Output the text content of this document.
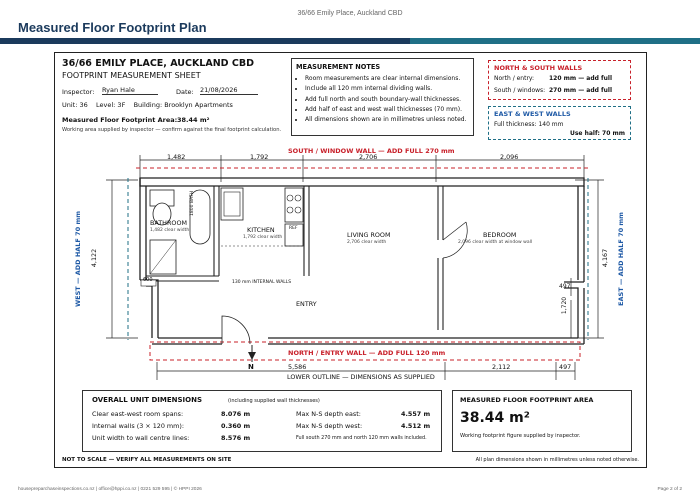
36/66 Emily Place, Auckland CBD
Measured Floor Footprint Plan
36/66 EMILY PLACE, AUCKLAND CBD
FOOTPRINT MEASUREMENT SHEET
Inspector: Ryan Hale	Date: 21/08/2026
Unit: 36    Level: 3F    Building: Brooklyn Apartments
Measured Floor Footprint Area: 38.44 m²
Working area supplied by inspector — confirm against the final footprint calculation.
MEASUREMENT NOTES
• Room measurements are clear internal dimensions.
• Include all 120 mm internal dividing walls.
• Add full north and south boundary-wall thicknesses.
• Add half of east and west wall thicknesses (70 mm).
• All dimensions shown are in millimetres unless noted.
NORTH & SOUTH WALLS
North / entry: 120 mm — add full
South / windows: 270 mm — add full
EAST & WEST WALLS
Full thickness: 140 mm
Use half: 70 mm
SOUTH / WINDOW WALL — ADD FULL 270 mm
NORTH / ENTRY WALL — ADD FULL 120 mm
WEST — ADD HALF 70 mm	EAST — ADD HALF 70 mm
1,482	1,792	2,706	2,096
4,122	4,167
497
1,720
600
5,586	2,112	497
LOWER OUTLINE — DIMENSIONS AS SUPPLIED
N
BATHROOM
1,482 clear width
1800 BATH
KITCHEN
1,792 clear width
REF
LIVING ROOM
2,706 clear width
BEDROOM
2,096 clear width at window wall
ENTRY
130 mm INTERNAL WALLS
OVERALL UNIT DIMENSIONS	(including supplied wall thicknesses)
Clear east-west room spans:	8.076 m
Internal walls (3 × 120 mm):	0.360 m
Unit width to wall centre lines:	8.576 m
Max N-S depth east:	4.557 m
Max N-S depth west:	4.512 m
Full south 270 mm and north 120 mm walls included.
MEASURED FLOOR FOOTPRINT AREA
38.44 m²
Working footprint figure supplied by inspector.
NOT TO SCALE — VERIFY ALL MEASUREMENTS ON SITE	All plan dimensions shown in millimetres unless noted otherwise.
housepreparchaseinspections.co.nz | office@hppi.co.nz | 0221 529 595 | © HPPI 2026	Page 2 of 2
